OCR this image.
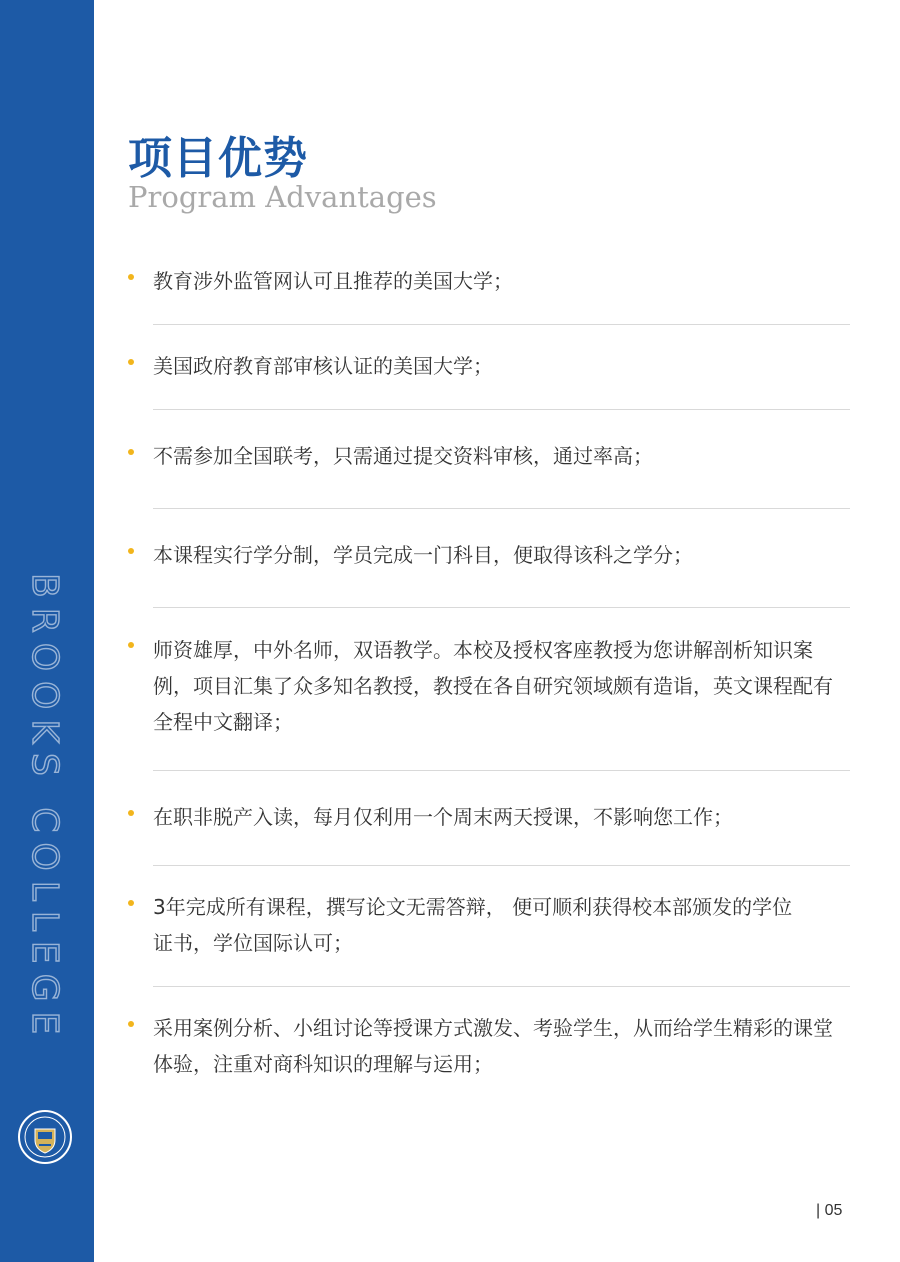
BROOKS COLLEGE
项目优势
Program Advantages
教育涉外监管网认可且推荐的美国大学；
美国政府教育部审核认证的美国大学；
不需参加全国联考，只需通过提交资料审核，通过率高；
本课程实行学分制，学员完成一门科目，便取得该科之学分；
师资雄厚，中外名师，双语教学。本校及授权客座教授为您讲解剖析知识案例，项目汇集了众多知名教授，教授在各自研究领域颇有造诣，英文课程配有全程中文翻译；
在职非脱产入读，每月仅利用一个周末两天授课，不影响您工作；
3年完成所有课程，撰写论文无需答辩， 便可顺利获得校本部颁发的学位证书，学位国际认可；
采用案例分析、小组讨论等授课方式激发、考验学生，从而给学生精彩的课堂体验，注重对商科知识的理解与运用；
| 05
